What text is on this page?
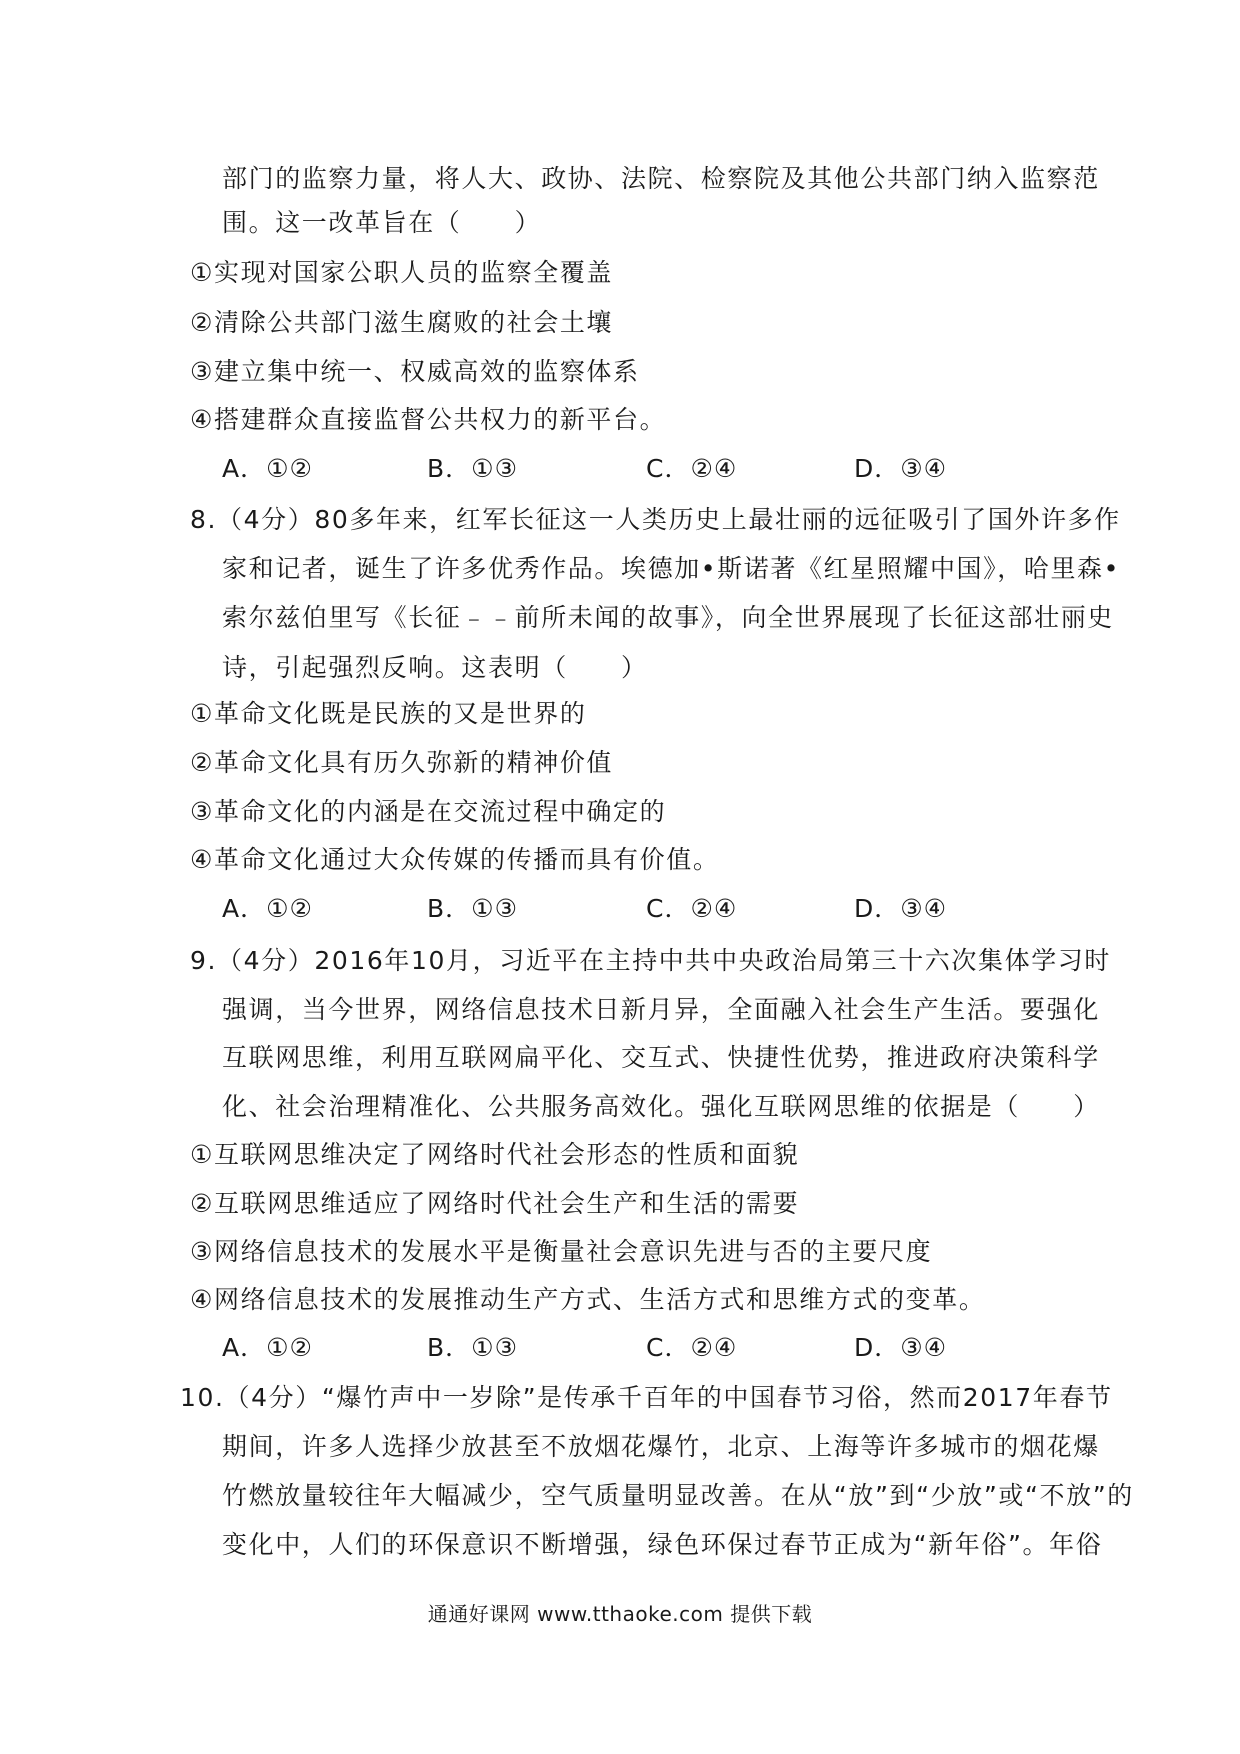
部门的监察力量，将人大、政协、法院、检察院及其他公共部门纳入监察范
围。这一改革旨在（　　）
①实现对国家公职人员的监察全覆盖
②清除公共部门滋生腐败的社会土壤
③建立集中统一、权威高效的监察体系
④搭建群众直接监督公共权力的新平台。
A．①②	B．①③	C．②④	D．③④
8.（4分）80多年来，红军长征这一人类历史上最壮丽的远征吸引了国外许多作
家和记者，诞生了许多优秀作品。埃德加•斯诺著《红星照耀中国》，哈里森•
索尔兹伯里写《长征﹣﹣前所未闻的故事》，向全世界展现了长征这部壮丽史
诗，引起强烈反响。这表明（　　）
①革命文化既是民族的又是世界的
②革命文化具有历久弥新的精神价值
③革命文化的内涵是在交流过程中确定的
④革命文化通过大众传媒的传播而具有价值。
A．①②	B．①③	C．②④	D．③④
9.（4分）2016年10月，习近平在主持中共中央政治局第三十六次集体学习时
强调，当今世界，网络信息技术日新月异，全面融入社会生产生活。要强化
互联网思维，利用互联网扁平化、交互式、快捷性优势，推进政府决策科学
化、社会治理精准化、公共服务高效化。强化互联网思维的依据是（　　）
①互联网思维决定了网络时代社会形态的性质和面貌
②互联网思维适应了网络时代社会生产和生活的需要
③网络信息技术的发展水平是衡量社会意识先进与否的主要尺度
④网络信息技术的发展推动生产方式、生活方式和思维方式的变革。
A．①②	B．①③	C．②④	D．③④
10.（4分）“爆竹声中一岁除”是传承千百年的中国春节习俗，然而2017年春节
期间，许多人选择少放甚至不放烟花爆竹，北京、上海等许多城市的烟花爆
竹燃放量较往年大幅减少，空气质量明显改善。在从“放”到“少放”或“不放”的
变化中，人们的环保意识不断增强，绿色环保过春节正成为“新年俗”。年俗
通通好课网 www.tthaoke.com 提供下载
